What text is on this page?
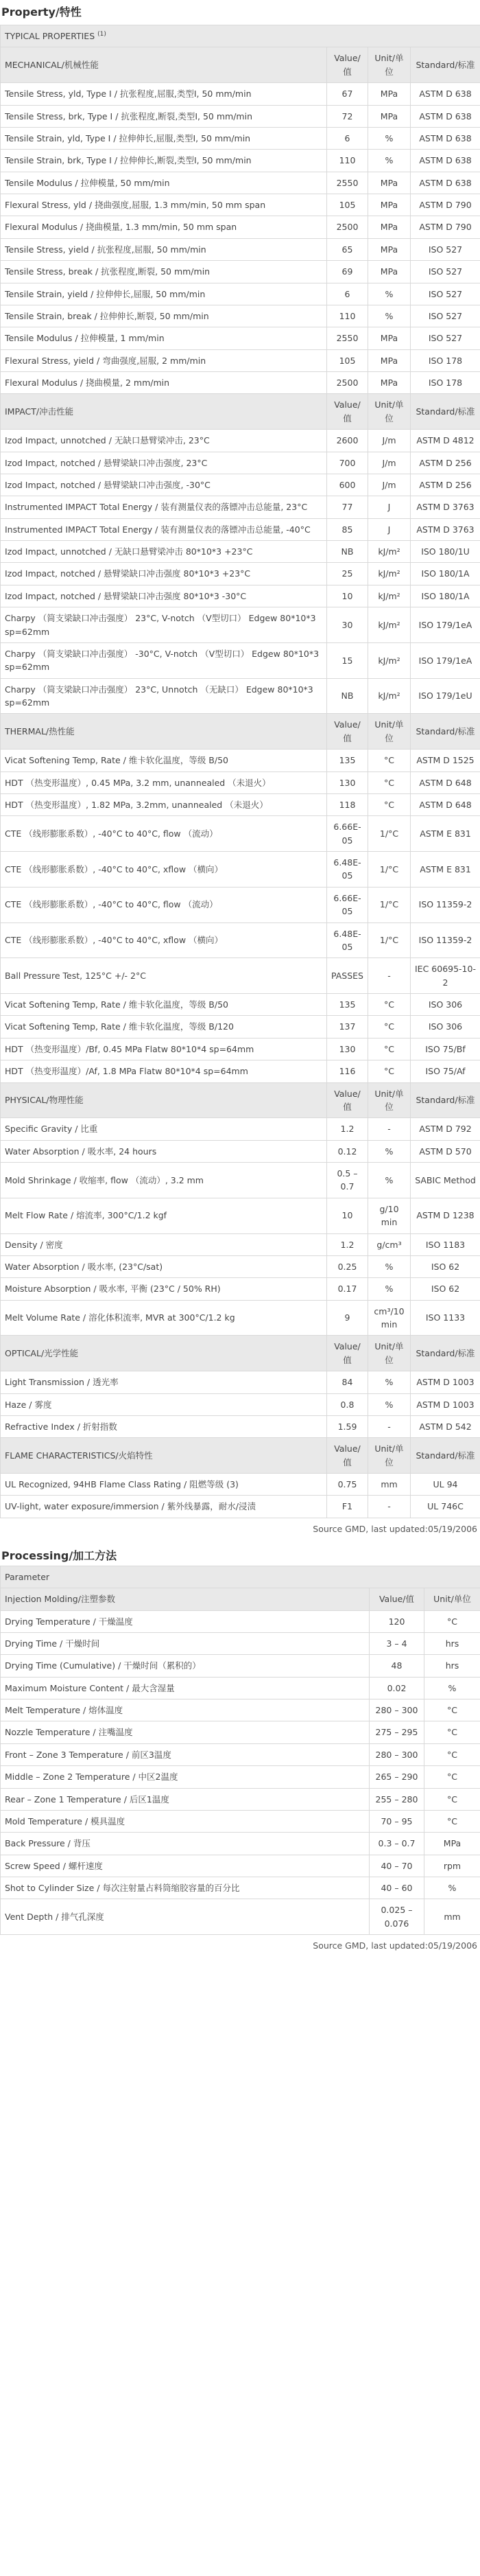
Property/特性
TYPICAL PROPERTIES $^{(1)}$
MECHANICAL/机械性能	Value/值	Unit/单位	Standard/标准
Tensile Stress, yld, Type I / 抗张程度,屈服,类型I, 50 mm/min	67	MPa	ASTM D 638
Tensile Stress, brk, Type I / 抗张程度,断裂,类型I, 50 mm/min	72	MPa	ASTM D 638
Tensile Strain, yld, Type I / 拉伸伸长,屈服,类型I, 50 mm/min	6	%	ASTM D 638
Tensile Strain, brk, Type I / 拉伸伸长,断裂,类型I, 50 mm/min	110	%	ASTM D 638
Tensile Modulus / 拉伸模量, 50 mm/min	2550	MPa	ASTM D 638
Flexural Stress, yld / 挠曲强度,屈服, 1.3 mm/min, 50 mm span	105	MPa	ASTM D 790
Flexural Modulus / 挠曲模量, 1.3 mm/min, 50 mm span	2500	MPa	ASTM D 790
Tensile Stress, yield / 抗张程度,屈服, 50 mm/min	65	MPa	ISO 527
Tensile Stress, break / 抗张程度,断裂, 50 mm/min	69	MPa	ISO 527
Tensile Strain, yield / 拉伸伸长,屈服, 50 mm/min	6	%	ISO 527
Tensile Strain, break / 拉伸伸长,断裂, 50 mm/min	110	%	ISO 527
Tensile Modulus / 拉伸模量, 1 mm/min	2550	MPa	ISO 527
Flexural Stress, yield / 弯曲强度,屈服, 2 mm/min	105	MPa	ISO 178
Flexural Modulus / 挠曲模量, 2 mm/min	2500	MPa	ISO 178
IMPACT/冲击性能	Value/值	Unit/单位	Standard/标准
Izod Impact, unnotched / 无缺口悬臂梁冲击, 23°C	2600	J/m	ASTM D 4812
Izod Impact, notched / 悬臂梁缺口冲击强度, 23°C	700	J/m	ASTM D 256
Izod Impact, notched / 悬臂梁缺口冲击强度, -30°C	600	J/m	ASTM D 256
Instrumented IMPACT Total Energy / 装有测量仪表的落镖冲击总能量, 23°C	77	J	ASTM D 3763
Instrumented IMPACT Total Energy / 装有测量仪表的落镖冲击总能量, -40°C	85	J	ASTM D 3763
Izod Impact, unnotched / 无缺口悬臂梁冲击 80*10*3 +23°C	NB	kJ/m²	ISO 180/1U
Izod Impact, notched / 悬臂梁缺口冲击强度 80*10*3 +23°C	25	kJ/m²	ISO 180/1A
Izod Impact, notched / 悬臂梁缺口冲击强度 80*10*3 -30°C	10	kJ/m²	ISO 180/1A
Charpy （简支梁缺口冲击强度） 23°C, V-notch （V型切口） Edgew 80*10*3 sp=62mm	30	kJ/m²	ISO 179/1eA
Charpy （简支梁缺口冲击强度） -30°C, V-notch （V型切口） Edgew 80*10*3 sp=62mm	15	kJ/m²	ISO 179/1eA
Charpy （简支梁缺口冲击强度） 23°C, Unnotch （无缺口） Edgew 80*10*3 sp=62mm	NB	kJ/m²	ISO 179/1eU
THERMAL/热性能	Value/值	Unit/单位	Standard/标准
Vicat Softening Temp, Rate / 维卡软化温度，等级 B/50	135	°C	ASTM D 1525
HDT （热变形温度）, 0.45 MPa, 3.2 mm, unannealed （未退火）	130	°C	ASTM D 648
HDT （热变形温度）, 1.82 MPa, 3.2mm, unannealed （未退火）	118	°C	ASTM D 648
CTE （线形膨胀系数）, -40°C to 40°C, flow （流动）	6.66E-05	1/°C	ASTM E 831
CTE （线形膨胀系数）, -40°C to 40°C, xflow （横向）	6.48E-05	1/°C	ASTM E 831
CTE （线形膨胀系数）, -40°C to 40°C, flow （流动）	6.66E-05	1/°C	ISO 11359-2
CTE （线形膨胀系数）, -40°C to 40°C, xflow （横向）	6.48E-05	1/°C	ISO 11359-2
Ball Pressure Test, 125°C +/- 2°C	PASSES	-	IEC 60695-10-2
Vicat Softening Temp, Rate / 维卡软化温度，等级 B/50	135	°C	ISO 306
Vicat Softening Temp, Rate / 维卡软化温度，等级 B/120	137	°C	ISO 306
HDT （热变形温度）/Bf, 0.45 MPa Flatw 80*10*4 sp=64mm	130	°C	ISO 75/Bf
HDT （热变形温度）/Af, 1.8 MPa Flatw 80*10*4 sp=64mm	116	°C	ISO 75/Af
PHYSICAL/物理性能	Value/值	Unit/单位	Standard/标准
Specific Gravity / 比重	1.2	-	ASTM D 792
Water Absorption / 吸水率, 24 hours	0.12	%	ASTM D 570
Mold Shrinkage / 收缩率, flow （流动）, 3.2 mm	0.5 – 0.7	%	SABIC Method
Melt Flow Rate / 熔流率, 300°C/1.2 kgf	10	g/10 min	ASTM D 1238
Density / 密度	1.2	g/cm³	ISO 1183
Water Absorption / 吸水率, (23°C/sat)	0.25	%	ISO 62
Moisture Absorption / 吸水率, 平衡 (23°C / 50% RH)	0.17	%	ISO 62
Melt Volume Rate / 溶化体积流率, MVR at 300°C/1.2 kg	9	cm³/10 min	ISO 1133
OPTICAL/光学性能	Value/值	Unit/单位	Standard/标准
Light Transmission / 透光率	84	%	ASTM D 1003
Haze / 雾度	0.8	%	ASTM D 1003
Refractive Index / 折射指数	1.59	-	ASTM D 542
FLAME CHARACTERISTICS/火焰特性	Value/值	Unit/单位	Standard/标准
UL Recognized, 94HB Flame Class Rating / 阻燃等级 (3)	0.75	mm	UL 94
UV-light, water exposure/immersion / 紫外线暴露，耐水/浸渍	F1	-	UL 746C
Source GMD, last updated:05/19/2006
Processing/加工方法
Parameter		
Injection Molding/注塑参数	Value/值	Unit/单位
Drying Temperature / 干燥温度	120	°C
Drying Time / 干燥时间	3 – 4	hrs
Drying Time (Cumulative) / 干燥时间（累积的）	48	hrs
Maximum Moisture Content / 最大含湿量	0.02	%
Melt Temperature / 熔体温度	280 – 300	°C
Nozzle Temperature / 注嘴温度	275 – 295	°C
Front – Zone 3 Temperature / 前区3温度	280 – 300	°C
Middle – Zone 2 Temperature / 中区2温度	265 – 290	°C
Rear – Zone 1 Temperature / 后区1温度	255 – 280	°C
Mold Temperature / 模具温度	70 – 95	°C
Back Pressure / 背压	0.3 – 0.7	MPa
Screw Speed / 螺杆速度	40 – 70	rpm
Shot to Cylinder Size / 每次注射量占料筒缩胶容量的百分比	40 – 60	%
Vent Depth / 排气孔深度	0.025 – 0.076	mm
Source GMD, last updated:05/19/2006
